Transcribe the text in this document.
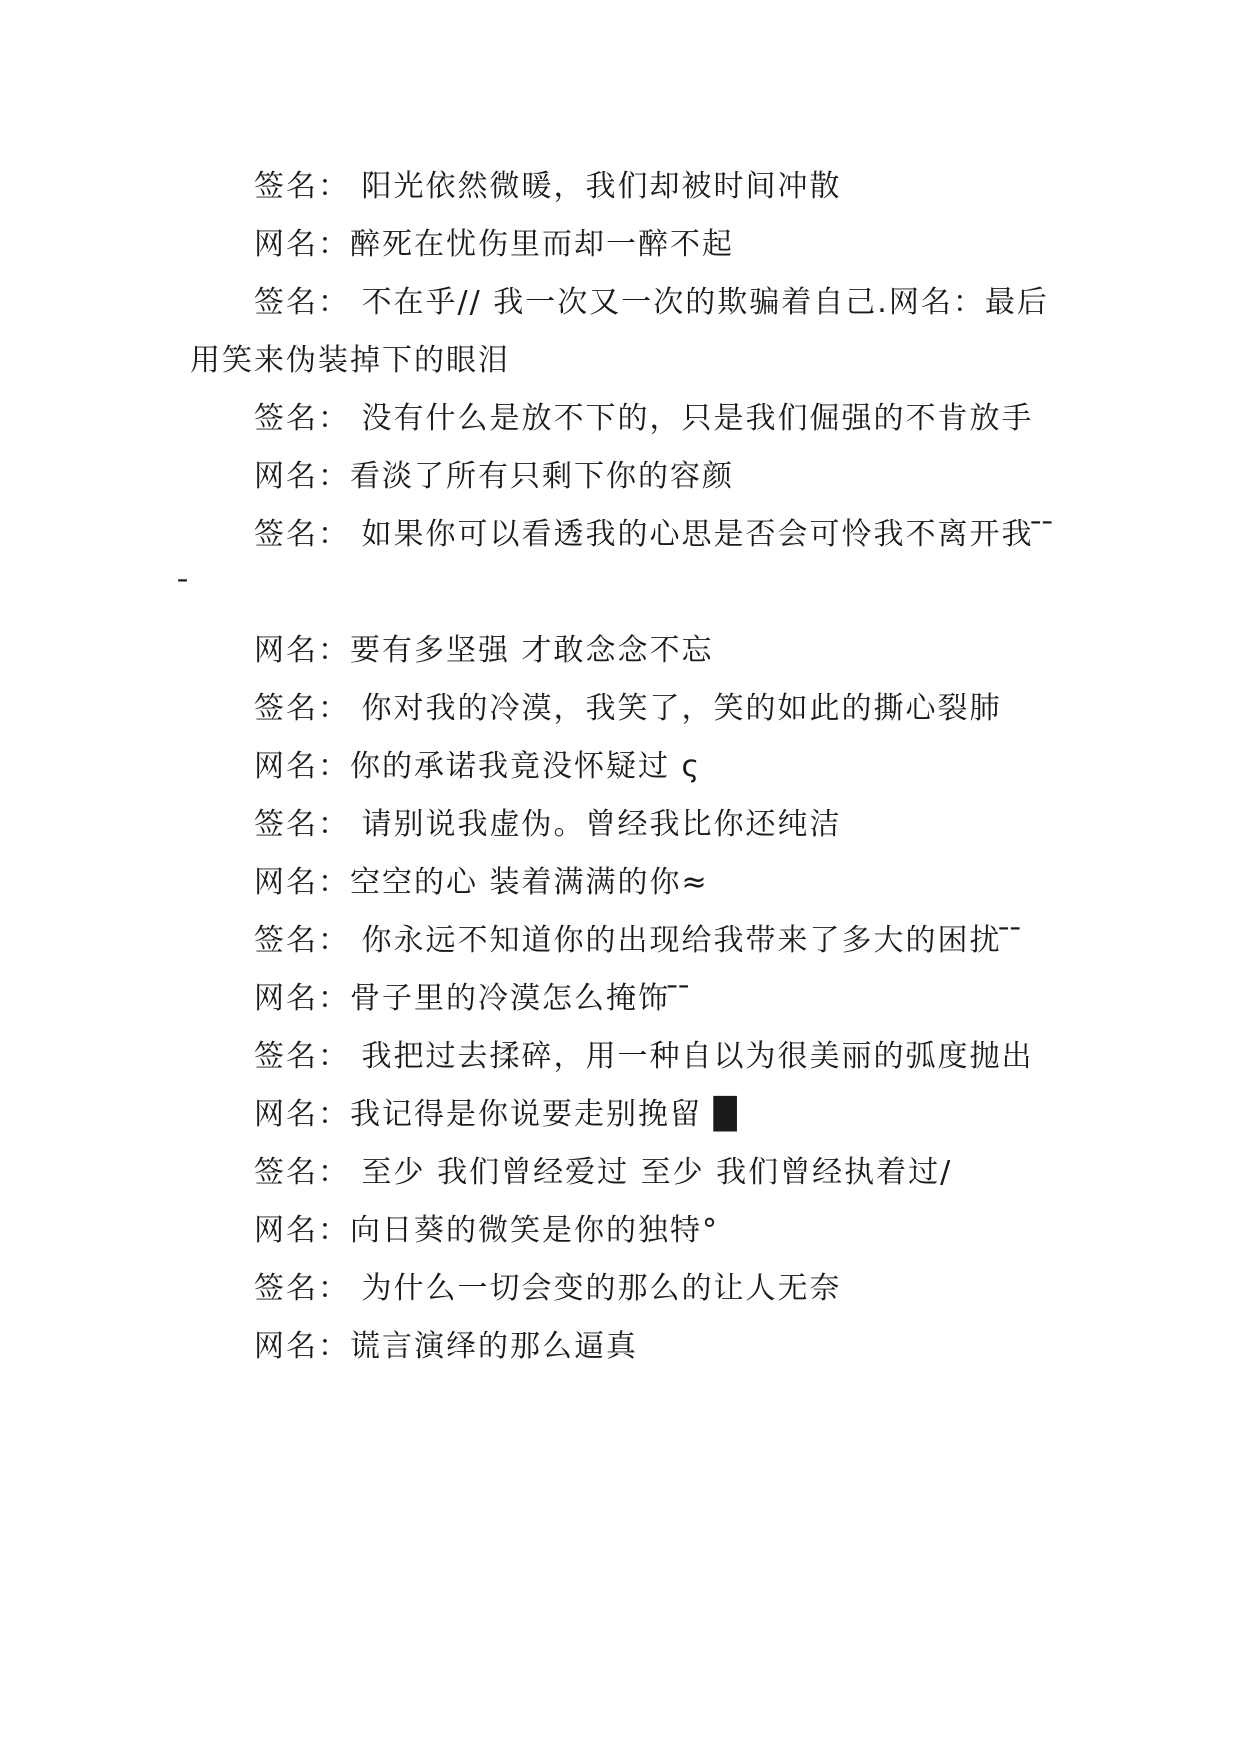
签名： 阳光依然微暖，我们却被时间冲散

网名：醉死在忧伤里而却一醉不起

签名： 不在乎// 我一次又一次的欺骗着自己.网名：最后用笑来伪装掉下的眼泪

签名： 没有什么是放不下的，只是我们倔强的不肯放手

网名：看淡了所有只剩下你的容颜

签名： 如果你可以看透我的心思是否会可怜我不离开我 ̄ ̄

网名：要有多坚强 才敢念念不忘

签名： 你对我的冷漠，我笑了，笑的如此的撕心裂肺

网名：你的承诺我竟没怀疑过 ς

签名： 请别说我虚伪。曾经我比你还纯洁

网名：空空的心 装着满满的你≈

签名： 你永远不知道你的出现给我带来了多大的困扰 ̄ ̄

网名：骨子里的冷漠怎么掩饰 ̄ ̄

签名： 我把过去揉碎，用一种自以为很美丽的弧度抛出

网名：我记得是你说要走别挽留 █

签名： 至少 我们曾经爱过 至少 我们曾经执着过/

网名：向日葵的微笑是你的独特°

签名： 为什么一切会变的那么的让人无奈

网名：谎言演绎的那么逼真
